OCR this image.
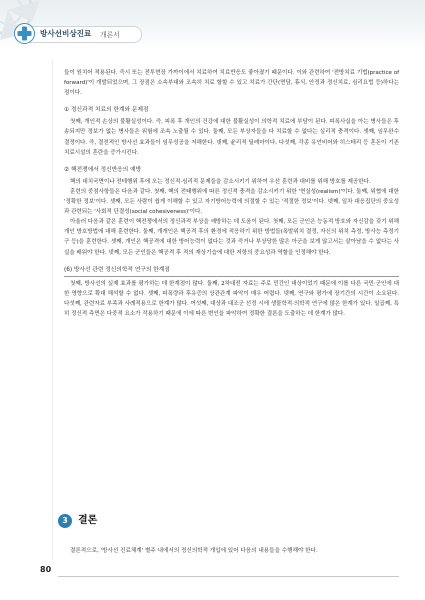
방사선비상진료 개론서

들이 원치어 적용된다. 즉시 또는 전투현장 가까이에서 치료하여 치료반응도 좋아졌기 때문이다. 이와 관련하여 '전방치료 기법(practice of forward)'이 개발되었으며, 그 장점은 소속부대와 조속히 치료 할할 수 있고 치료가 간단(면담, 휴식, 안정과 정신치료, 심리요법 등)하다는 점이다.

① 정신과적 치료의 한계와 문제점

첫째, 개인적 손상의 불활실성이다. 즉, 피폭 후 개인의 건강에 대한 불활실성이 의학적 치료에 부담이 된다. 피폭사실을 아는 병사들은 후송되지만 정보가 없는 병사들은 위험에 조속 노출될 수 있다. 둘째, 모든 부상자들을 다 치료할 수 없다는 실리적 충격이다. 셋째, 임무완수 결정이다. 즉, 결전적인 방사선 효과들이 임무성공을 저해한다. 넷째, 윤리적 딜레마이다. 다섯째, 각종 유언비어와 히스테리 등 혼돈이 기존 치료시설의 혼란을 증가시킨다.

② 핵전쟁에서 정신반응의 예방

핵의 대치국면이나 전테행위 후에 오는 정신적·심리적 문제들을 감소시키기 위하여 우선 훈련과 대비를 위해 방호를 제공한다.

훈련의 중점사항들은 다음과 같다. 첫째, 핵의 전태행위에 따른 정신적 충격을 감소시키기 위한 '현실성(realism)'이다. 둘째, 위협에 대한 '정확한 정보'이다. 셋째, 모든 사람이 쉽게 이해할 수 있고 자기방어능력에 의절할 수 있는 '적절한 정보'이다. 넷째, 일차 대응집단의 중요성과 관련되는 '사회적 단결성(social cohesiveness)'이다.

아울러 다음과 같은 훈련이 핵전쟁에서의 정신과적 부상을 예방하는 데 도움이 된다. 첫째, 모든 군인은 능동적 방호와 자신감을 갖기 위해 개인 방호방법에 대해 훈련한다. 둘째, 개개인은 핵공격 후의 환경에 적응하기 위한 방법들(폭발위치 결정, 자신의 위치 측정, 방사능 측정기구 등)을 훈련한다. 셋째, 개인은 핵공격에 대한 방어능력이 없다는 것과 즉거나 부상당한 많은 아군을 보게 않고서는 살아남을 수 없다는 사실을 배워야 한다. 넷째, 모든 군인들은 핵공격 후 적의 재상기습에 대한 저항의 중요성과 역할을 인정해야 한다.

(6) 방사선 관련 정신의학적 연구의 한계점

첫째, 방사선의 실제 효과를 평가하는 데 한계점이 많다. 둘째, 2차대전 자료는 주로 민간인 대상이었기 때문에 이를 다른 국민·군인에 대한 영향으로 확대 해석할 수 없다. 셋째, 피폭량과 후유증의 상관관계 파악이 매우 어렵다. 넷째, 연구와 평가에 장기간의 시간이 소요된다. 다섯째, 관련자료 부족과 사례적용으로 한계가 많다. 여섯째, 대상과 대조군 선정 시에 생물학적·의학적 연구에 많은 한계가 있다. 일곱째, 특히 정신적 측면은 다중적 요소가 작용하기 때문에 이에 따른 변인을 파악하여 정확한 결론을 도출하는 데 한계가 많다.

3	결론

결론적으로, '방사선 진료체계' 별주 내에서의 정신의학적 개입에 있어 다음의 내용들을 수행해야 한다.

80
